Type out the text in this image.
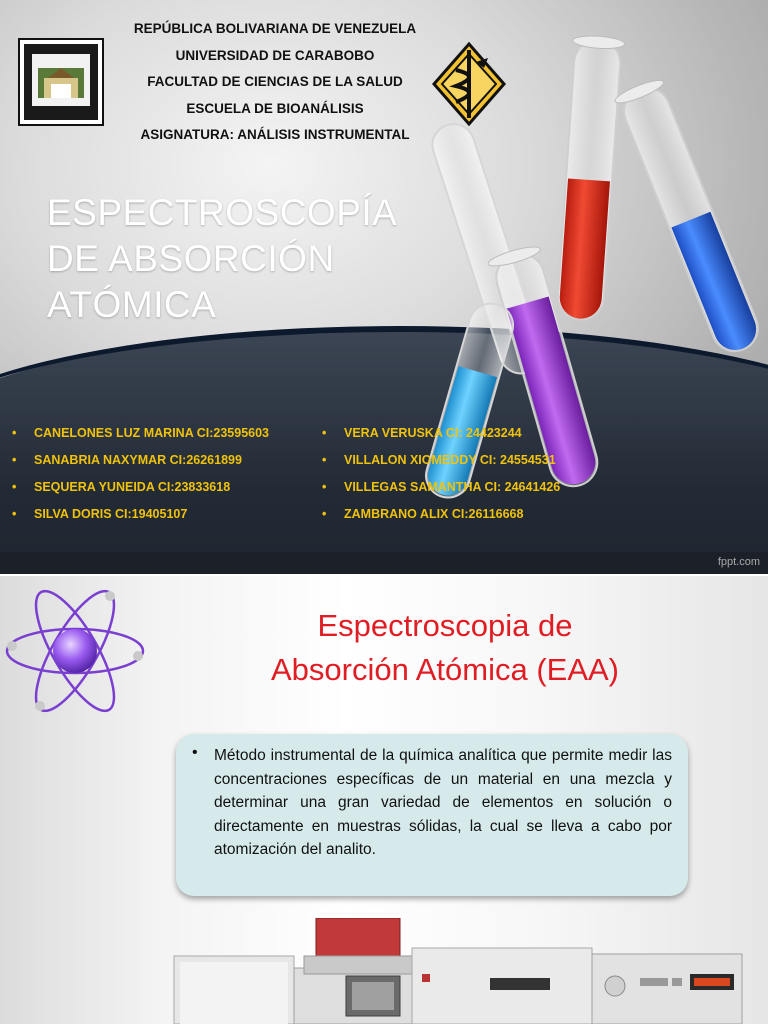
REPÚBLICA BOLIVARIANA DE VENEZUELA
UNIVERSIDAD DE CARABOBO
FACULTAD DE CIENCIAS DE LA SALUD
ESCUELA DE BIOANÁLISIS
ASIGNATURA: ANÁLISIS INSTRUMENTAL
ESPECTROSCOPÍA
DE ABSORCIÓN
ATÓMICA
• CANELONES LUZ MARINA CI:23595603
• SANABRIA NAXYMAR CI:26261899
• SEQUERA YUNEIDA CI:23833618
• SILVA DORIS CI:19405107
• VERA VERUSKA CI: 24423244
• VILLALON XIOMEDDY CI: 24554531
• VILLEGAS SAMANTHA CI: 24641426
• ZAMBRANO ALIX CI:26116668
fppt.com
Espectroscopia de
Absorción Atómica (EAA)
• Método instrumental de la química analítica que permite medir las concentraciones específicas de un material en una mezcla y determinar una gran variedad de elementos en solución o directamente en muestras sólidas, la cual se lleva a cabo por atomización del analito.
